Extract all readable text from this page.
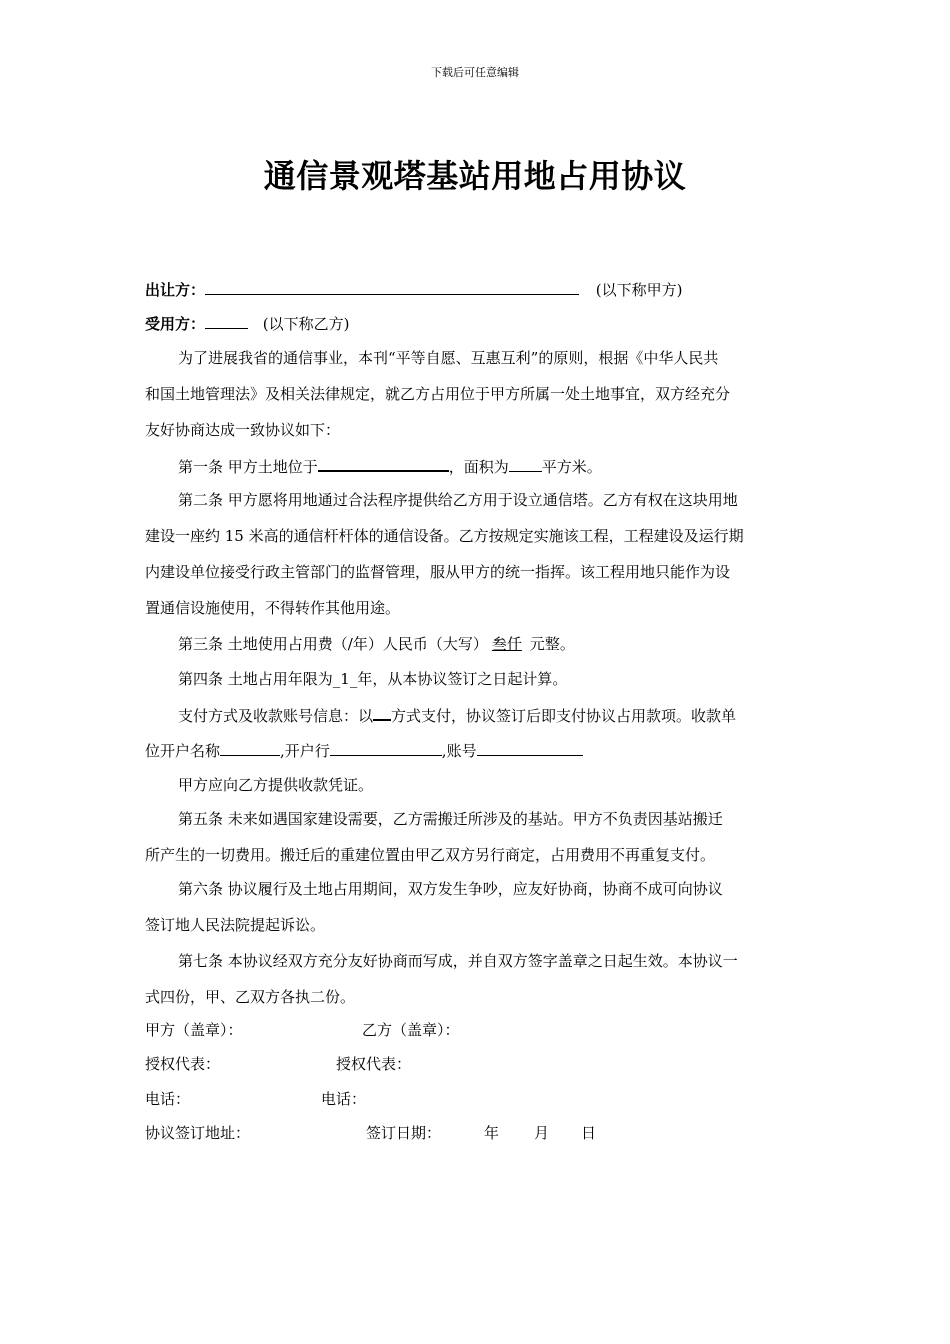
下载后可任意编辑
通信景观塔基站用地占用协议
出让方：	(以下称甲方)
受用方：	(以下称乙方)
为了进展我省的通信事业，本刊“平等自愿、互惠互利”的原则，根据《中华人民共
和国土地管理法》及相关法律规定，就乙方占用位于甲方所属一处土地事宜，双方经充分
友好协商达成一致协议如下：
第一条 甲方土地位于	，面积为 平方米。
第二条 甲方愿将用地通过合法程序提供给乙方用于设立通信塔。乙方有权在这块用地
建设一座约 15 米高的通信杆杆体的通信设备。乙方按规定实施该工程，工程建设及运行期
内建设单位接受行政主管部门的监督管理，服从甲方的统一指挥。该工程用地只能作为设
置通信设施使用，不得转作其他用途。
第三条 土地使用占用费（/年）人民币（大写） 叁仟 元整。
第四条 土地占用年限为_1_年，从本协议签订之日起计算。
支付方式及收款账号信息：以 方式支付，协议签订后即支付协议占用款项。收款单
位开户名称	,开户行	,账号
甲方应向乙方提供收款凭证。
第五条 未来如遇国家建设需要，乙方需搬迁所涉及的基站。甲方不负责因基站搬迁
所产生的一切费用。搬迁后的重建位置由甲乙双方另行商定，占用费用不再重复支付。
第六条 协议履行及土地占用期间，双方发生争吵，应友好协商，协商不成可向协议
签订地人民法院提起诉讼。
第七条 本协议经双方充分友好协商而写成，并自双方签字盖章之日起生效。本协议一
式四份，甲、乙双方各执二份。
甲方（盖章）：	乙方（盖章）：
授权代表：	授权代表：
电话：	电话：
协议签订地址：	签订日期：	年 月 日
